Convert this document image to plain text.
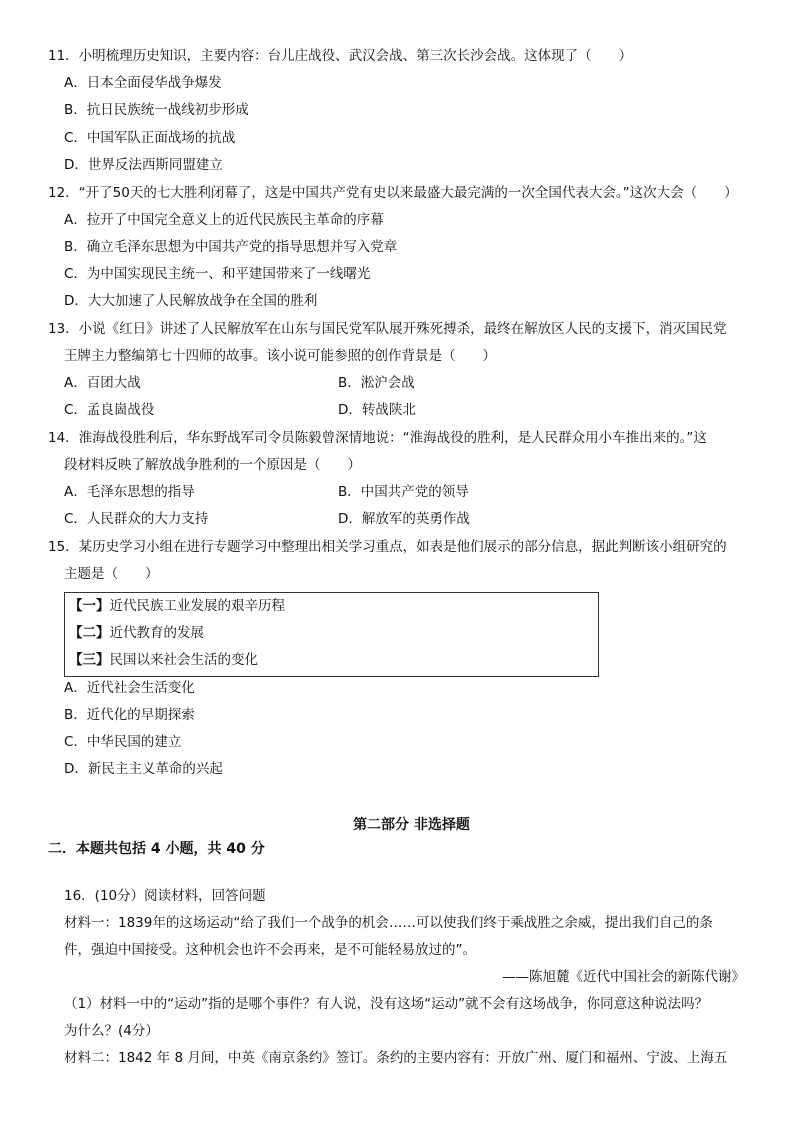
11．小明梳理历史知识，主要内容：台儿庄战役、武汉会战、第三次长沙会战。这体现了（　　）
A．日本全面侵华战争爆发
B．抗日民族统一战线初步形成
C．中国军队正面战场的抗战
D．世界反法西斯同盟建立
12．“开了50天的七大胜利闭幕了，这是中国共产党有史以来最盛大最完满的一次全国代表大会。”这次大会（　　）
A．拉开了中国完全意义上的近代民族民主革命的序幕
B．确立毛泽东思想为中国共产党的指导思想并写入党章
C．为中国实现民主统一、和平建国带来了一线曙光
D．大大加速了人民解放战争在全国的胜利
13．小说《红日》讲述了人民解放军在山东与国民党军队展开殊死搏杀，最终在解放区人民的支援下，消灭国民党
王牌主力整编第七十四师的故事。该小说可能参照的创作背景是（　　）
A．百团大战	B．淞沪会战
C．孟良崮战役	D．转战陕北
14．淮海战役胜利后，华东野战军司令员陈毅曾深情地说：“淮海战役的胜利，是人民群众用小车推出来的。”这
段材料反映了解放战争胜利的一个原因是（　　）
A．毛泽东思想的指导	B．中国共产党的领导
C．人民群众的大力支持	D．解放军的英勇作战
15．某历史学习小组在进行专题学习中整理出相关学习重点，如表是他们展示的部分信息，据此判断该小组研究的
主题是（　　）
【一】近代民族工业发展的艰辛历程
【二】近代教育的发展
【三】民国以来社会生活的变化
A．近代社会生活变化
B．近代化的早期探索
C．中华民国的建立
D．新民主主义革命的兴起
第二部分 非选择题
二．本题共包括 4 小题，共 40 分
16．(10分）阅读材料，回答问题
材料一：1839年的这场运动“给了我们一个战争的机会……可以使我们终于乘战胜之余威，提出我们自己的条
件，强迫中国接受。这种机会也许不会再来，是不可能轻易放过的”。
——陈旭麓《近代中国社会的新陈代谢》
（1）材料一中的“运动”指的是哪个事件？有人说，没有这场“运动”就不会有这场战争，你同意这种说法吗？
为什么？(4分）
材料二：1842 年 8 月间，中英《南京条约》签订。条约的主要内容有：开放广州、厦门和福州、宁波、上海五
